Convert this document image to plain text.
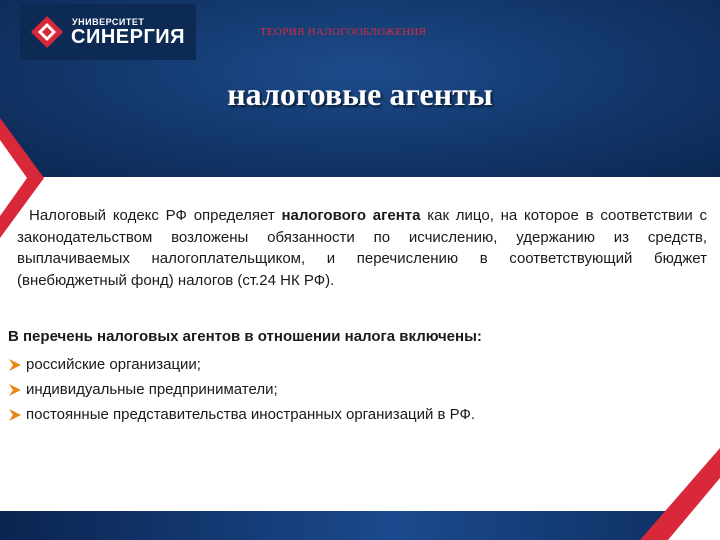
УНИВЕРСИТЕТ
СИНЕРГИЯ	ТЕОРИЯ НАЛОГООБЛОЖЕНИЯ
налоговые агенты
Налоговый кодекс РФ определяет налогового агента как лицо, на которое в соответствии с законодательством возложены обязанности по исчислению, удержанию из средств, выплачиваемых налогоплательщиком, и перечислению в соответствующий бюджет (внебюджетный фонд) налогов (ст.24 НК РФ).
В перечень налоговых агентов в отношении налога включены:
российские организации;
индивидуальные предприниматели;
постоянные представительства иностранных организаций в РФ.
